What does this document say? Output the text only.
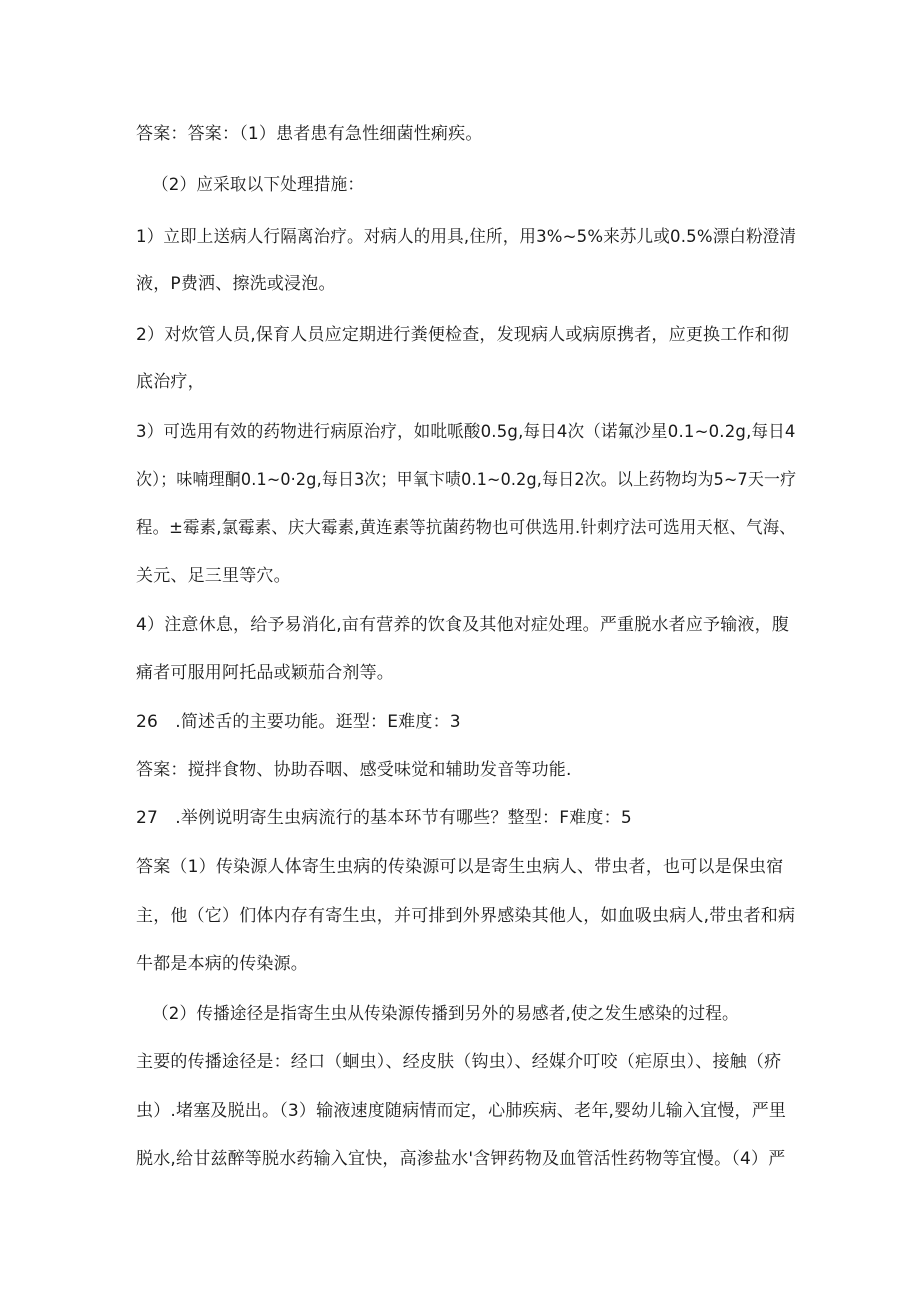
答案：答案：（1）患者患有急性细菌性痢疾。
（2）应采取以下处理措施：
1）立即上送病人行隔离治疗。对病人的用具,住所，用3%~5%来苏儿或0.5%漂白粉澄清
液，P费洒、擦洗或浸泡。
2）对炊管人员,保育人员应定期进行粪便检查，发现病人或病原携者，应更换工作和彻
底治疗，
3）可选用有效的药物进行病原治疗，如吡哌酸0.5g,每日4次（诺氟沙星0.1~0.2g,每日4
次）；味喃理酮0.1~0·2g,每日3次；甲氧卞啧0.1~0.2g,每日2次。以上药物均为5~7天一疗
程。±霉素,氯霉素、庆大霉素,黄连素等抗菌药物也可供选用.针刺疗法可选用天枢、气海、
关元、足三里等穴。
4）注意休息，给予易消化,亩有营养的饮食及其他对症处理。严重脱水者应予输液，腹
痛者可服用阿托品或颖茄合剂等。
26　.简述舌的主要功能。逛型：E难度：3
答案：搅拌食物、协助吞咽、感受味觉和辅助发音等功能.
27　.举例说明寄生虫病流行的基本环节有哪些？整型：F难度：5
答案（1）传染源人体寄生虫病的传染源可以是寄生虫病人、带虫者，也可以是保虫宿
主，他（它）们体内存有寄生虫，并可排到外界感染其他人，如血吸虫病人,带虫者和病
牛都是本病的传染源。
（2）传播途径是指寄生虫从传染源传播到另外的易感者,使之发生感染的过程。
主要的传播途径是：经口（蛔虫）、经皮肤（钩虫）、经媒介叮咬（疟原虫）、接触（疥
虫）.堵塞及脱出。（3）输液速度随病情而定，心肺疾病、老年,婴幼儿输入宜慢，严里
脱水,给甘兹醉等脱水药输入宜快，高渗盐水'含钾药物及血管活性药物等宜慢。（4）严
